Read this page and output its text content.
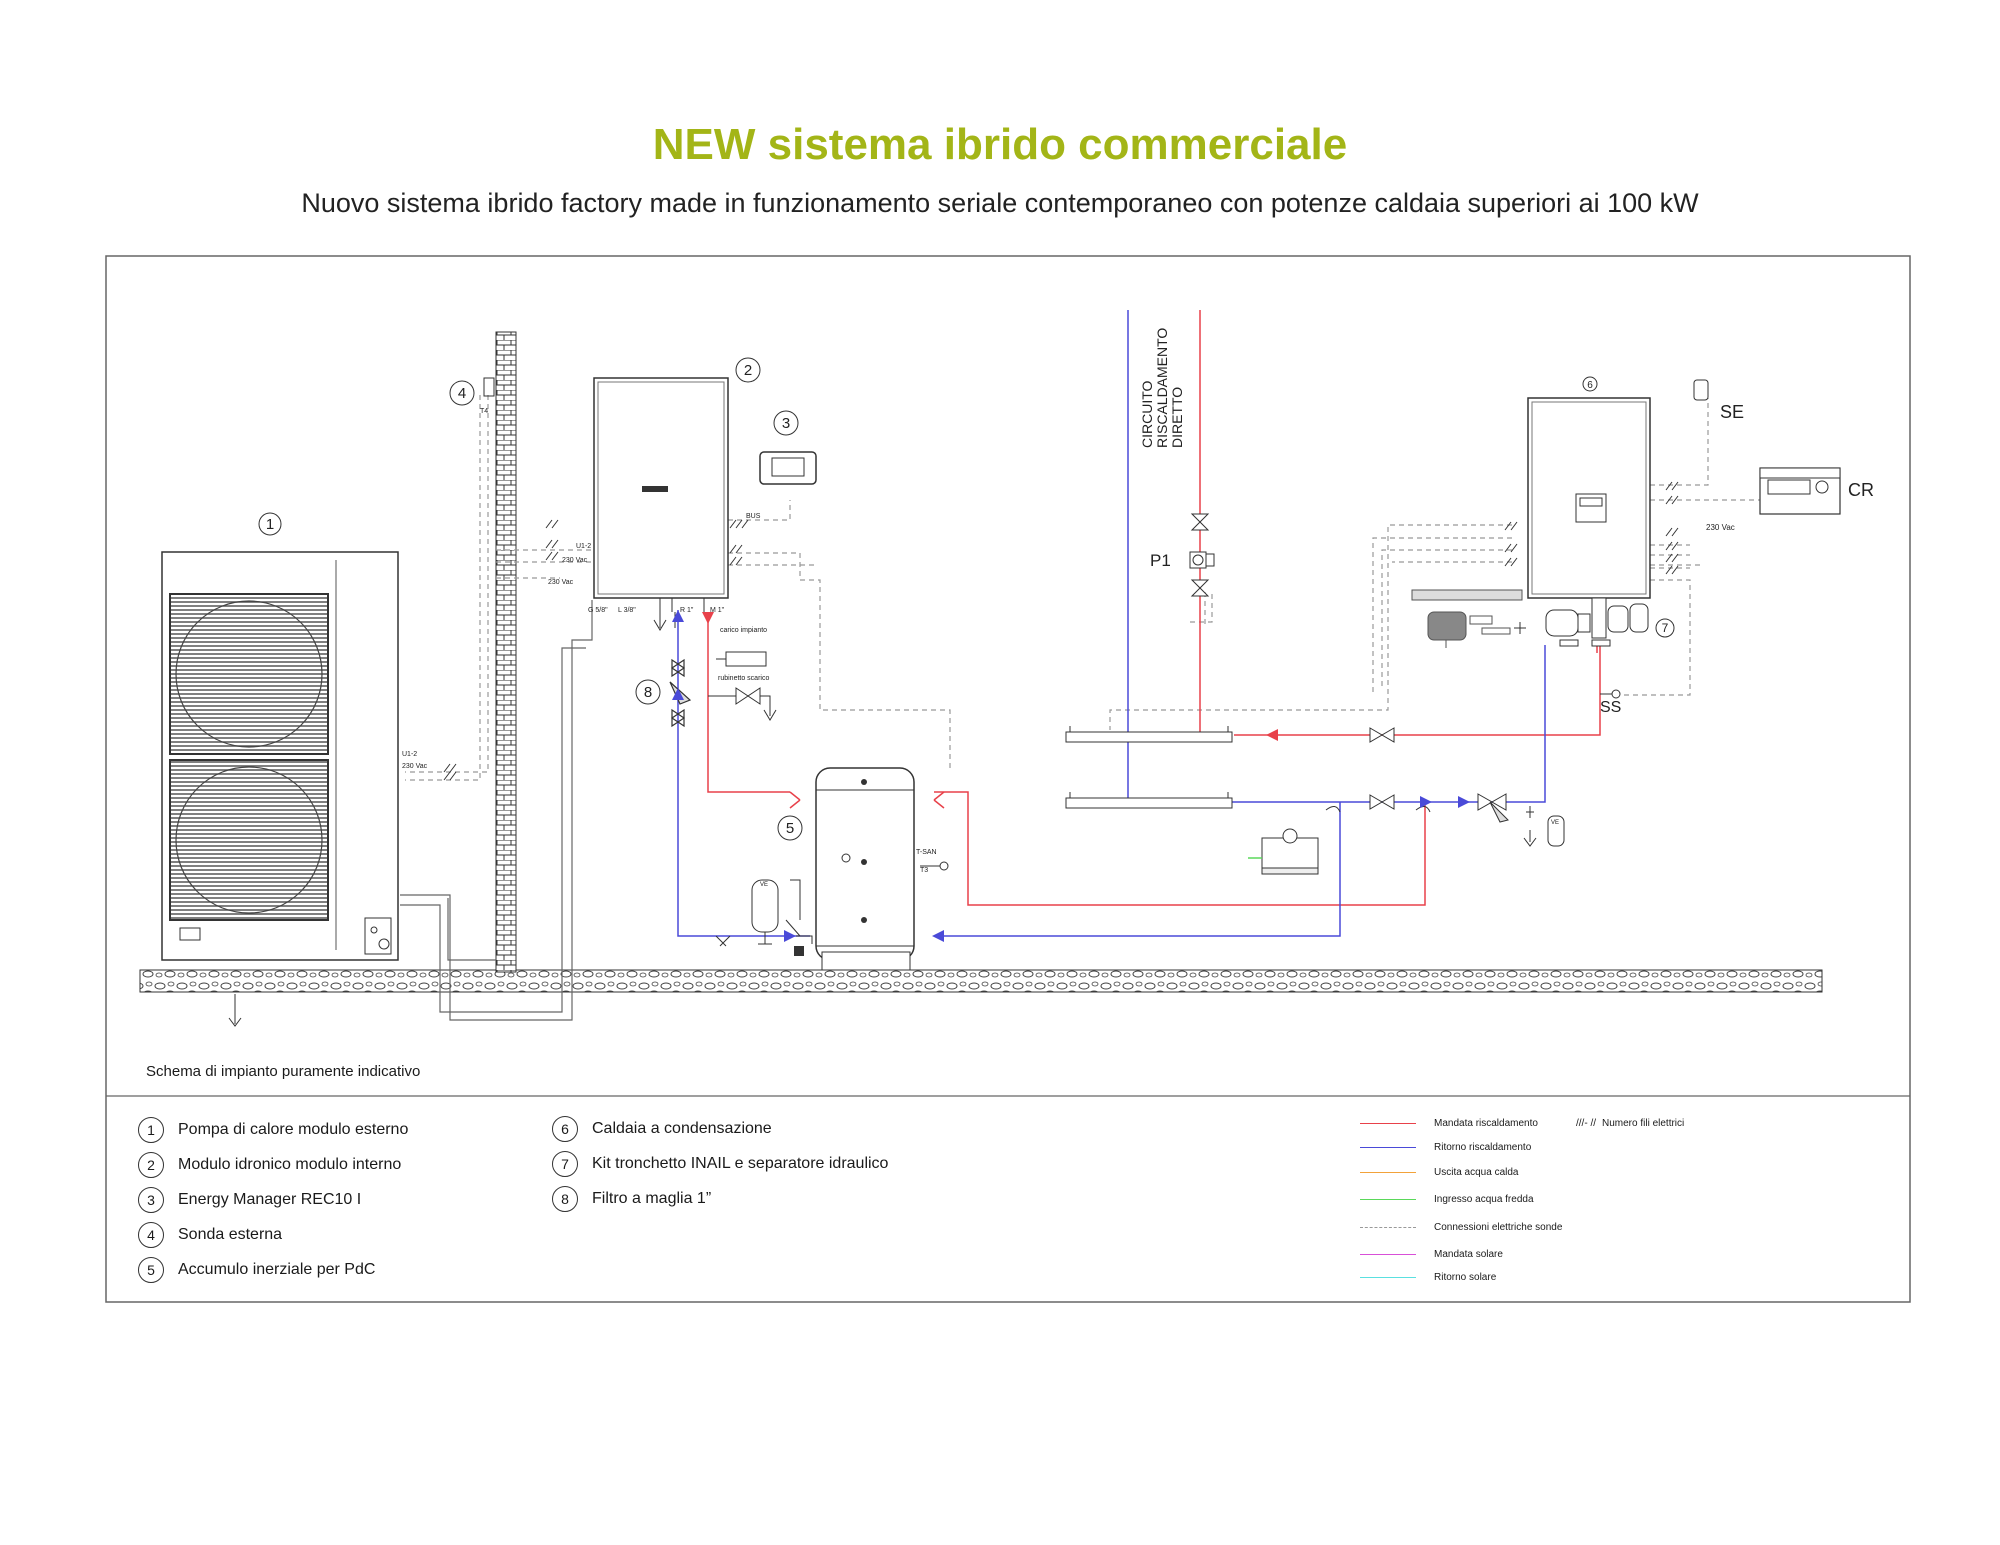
NEW sistema ibrido commerciale
Nuovo sistema ibrido factory made in funzionamento seriale contemporaneo con potenze caldaia superiori ai 100 kW
1
2
3
4
5
6
7
8
CIRCUITO RISCALDAMENTO DIRETTO
P1
SE
CR
SS
T4
T-SAN
T3
BUS
U1-2
230 Vac
230 Vac
U1-2
230 Vac
230 Vac
G 5/8" L 3/8"	R 1" M 1"
carico impianto
rubinetto scarico
VE
VE
Schema di impianto puramente indicativo
1	Pompa di calore modulo esterno
2	Modulo idronico modulo interno
3	Energy Manager REC10 I
4	Sonda esterna
5	Accumulo inerziale per PdC
6	Caldaia a condensazione
7	Kit tronchetto INAIL e separatore idraulico
8	Filtro a maglia 1”
Mandata riscaldamento
Ritorno riscaldamento
Uscita acqua calda
Ingresso acqua fredda
Connessioni elettriche sonde
Mandata solare
Ritorno solare
///- // Numero fili elettrici
